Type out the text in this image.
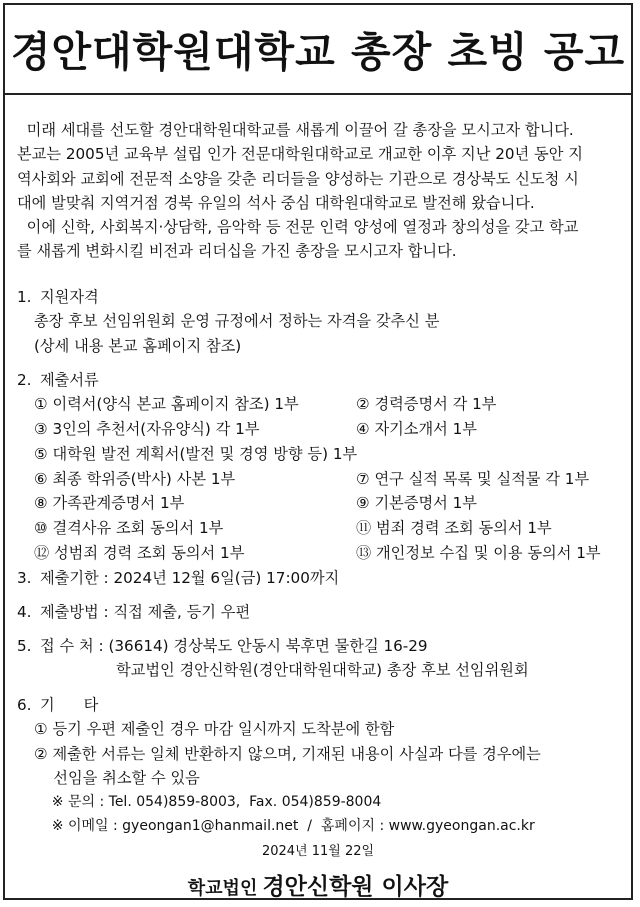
경안대학원대학교 총장 초빙 공고

미래 세대를 선도할 경안대학원대학교를 새롭게 이끌어 갈 총장을 모시고자 합니다.

본교는 2005년 교육부 설립 인가 전문대학원대학교로 개교한 이후 지난 20년 동안 지

역사회와 교회에 전문적 소양을 갖춘 리더들을 양성하는 기관으로 경상북도 신도청 시

대에 발맞춰 지역거점 경북 유일의 석사 중심 대학원대학교로 발전해 왔습니다.

이에 신학, 사회복지·상담학, 음악학 등 전문 인력 양성에 열정과 창의성을 갖고 학교

를 새롭게 변화시킬 비전과 리더십을 가진 총장을 모시고자 합니다.

1. 지원자격
총장 후보 선임위원회 운영 규정에서 정하는 자격을 갖추신 분
(상세 내용 본교 홈페이지 참조)
2. 제출서류
① 이력서(양식 본교 홈페이지 참조) 1부	② 경력증명서 각 1부
③ 3인의 추천서(자유양식) 각 1부	④ 자기소개서 1부
⑤ 대학원 발전 계획서(발전 및 경영 방향 등) 1부
⑥ 최종 학위증(박사) 사본 1부	⑦ 연구 실적 목록 및 실적물 각 1부
⑧ 가족관계증명서 1부	⑨ 기본증명서 1부
⑩ 결격사유 조회 동의서 1부	⑪ 범죄 경력 조회 동의서 1부
⑫ 성범죄 경력 조회 동의서 1부	⑬ 개인정보 수집 및 이용 동의서 1부
3. 제출기한 : 2024년 12월 6일(금) 17:00까지
4. 제출방법 : 직접 제출, 등기 우편
5. 접 수 처 : (36614) 경상북도 안동시 북후면 물한길 16-29
학교법인 경안신학원(경안대학원대학교) 총장 후보 선임위원회
6. 기      타
① 등기 우편 제출인 경우 마감 일시까지 도착분에 한함
② 제출한 서류는 일체 반환하지 않으며, 기재된 내용이 사실과 다를 경우에는
선임을 취소할 수 있음
※ 문의 : Tel. 054)859-8003,  Fax. 054)859-8004
※ 이메일 : gyeongan1@hanmail.net  /  홈페이지 : www.gyeongan.ac.kr
2024년 11월 22일
학교법인 경안신학원 이사장
